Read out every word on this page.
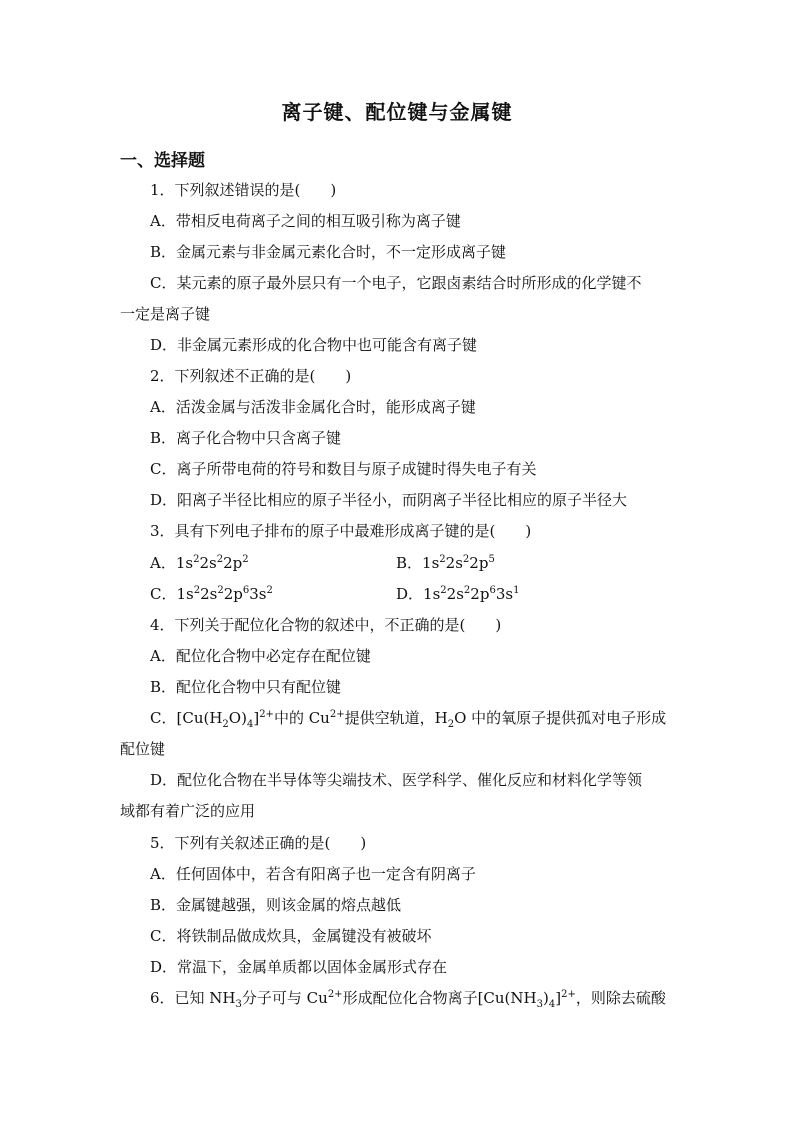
离子键、配位键与金属键
一、选择题
1．下列叙述错误的是(　　)
A．带相反电荷离子之间的相互吸引称为离子键
B．金属元素与非金属元素化合时，不一定形成离子键
C．某元素的原子最外层只有一个电子，它跟卤素结合时所形成的化学键不
一定是离子键
D．非金属元素形成的化合物中也可能含有离子键
2．下列叙述不正确的是(　　)
A．活泼金属与活泼非金属化合时，能形成离子键
B．离子化合物中只含离子键
C．离子所带电荷的符号和数目与原子成键时得失电子有关
D．阳离子半径比相应的原子半径小，而阴离子半径比相应的原子半径大
3．具有下列电子排布的原子中最难形成离子键的是(　　)
A．$1s^22s^22p^2$	B．$1s^22s^22p^5$
C．$1s^22s^22p^63s^2$	D．$1s^22s^22p^63s^1$
4．下列关于配位化合物的叙述中，不正确的是(　　)
A．配位化合物中必定存在配位键
B．配位化合物中只有配位键
C．$[Cu(H_2O)_4]^{2+}$中的 $Cu^{2+}$提供空轨道，$H_2O$ 中的氧原子提供孤对电子形成
配位键
D．配位化合物在半导体等尖端技术、医学科学、催化反应和材料化学等领
域都有着广泛的应用
5．下列有关叙述正确的是(　　)
A．任何固体中，若含有阳离子也一定含有阴离子
B．金属键越强，则该金属的熔点越低
C．将铁制品做成炊具，金属键没有被破坏
D．常温下，金属单质都以固体金属形式存在
6．已知 $NH_3$分子可与 $Cu^{2+}$形成配位化合物离子$[Cu(NH_3)_4]^{2+}$，则除去硫酸
